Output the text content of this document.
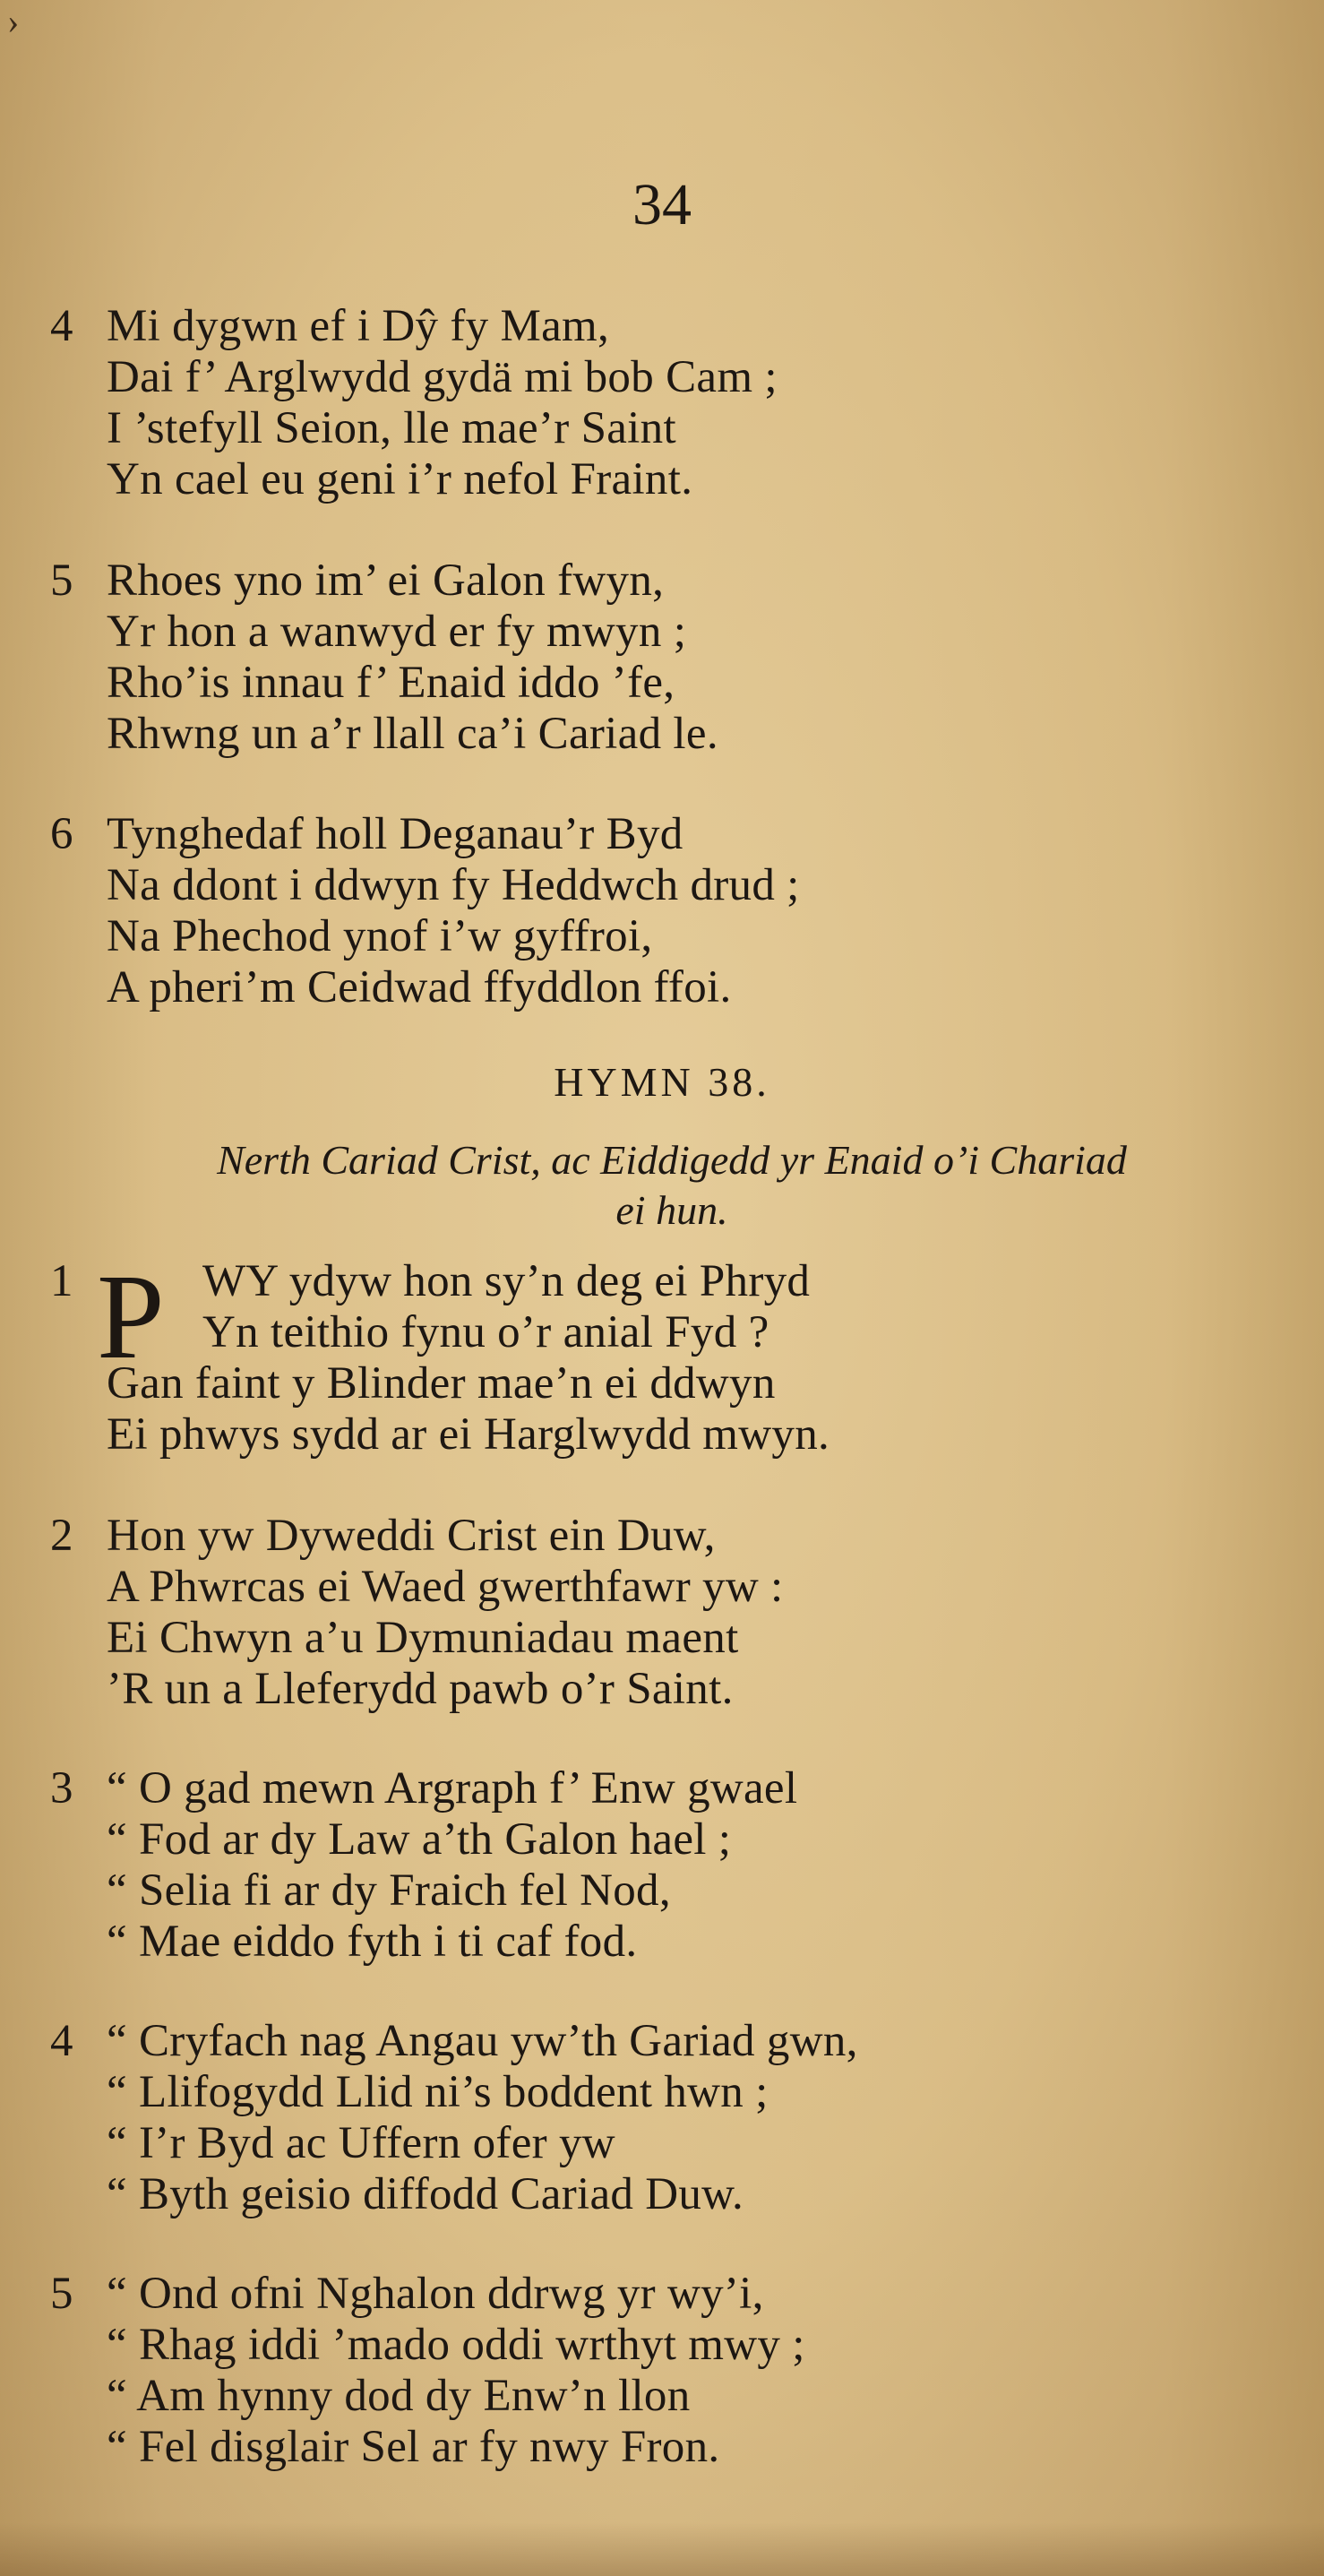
›
34
4 Mi dygwn ef i Dŷ fy Mam,
Dai f’ Arglwydd gydä mi bob Cam ;
I ’stefyll Seion, lle mae’r Saint
Yn cael eu geni i’r nefol Fraint.
5 Rhoes yno im’ ei Galon fwyn,
Yr hon a wanwyd er fy mwyn ;
Rho’is innau f’ Enaid iddo ’fe,
Rhwng un a’r llall ca’i Cariad le.
6 Tynghedaf holl Deganau’r Byd
Na ddont i ddwyn fy Heddwch drud ;
Na Phechod ynof i’w gyffroi,
A pheri’m Ceidwad ffyddlon ffoi.
HYMN 38.
Nerth Cariad Crist, ac Eiddigedd yr Enaid o’i Chariad
ei hun.
P
1	WY ydyw hon sy’n deg ei Phryd
Yn teithio fynu o’r anial Fyd ?
Gan faint y Blinder mae’n ei ddwyn
Ei phwys sydd ar ei Harglwydd mwyn.
2 Hon yw Dyweddi Crist ein Duw,
A Phwrcas ei Waed gwerthfawr yw :
Ei Chwyn a’u Dymuniadau maent
’R un a Lleferydd pawb o’r Saint.
3 “ O gad mewn Argraph f’ Enw gwael
“ Fod ar dy Law a’th Galon hael ;
“ Selia fi ar dy Fraich fel Nod,
“ Mae eiddo fyth i ti caf fod.
4 “ Cryfach nag Angau yw’th Gariad gwn,
“ Llifogydd Llid ni’s boddent hwn ;
“ I’r Byd ac Uffern ofer yw
“ Byth geisio diffodd Cariad Duw.
5 “ Ond ofni Nghalon ddrwg yr wy’i,
“ Rhag iddi ’mado oddi wrthyt mwy ;
“ Am hynny dod dy Enw’n llon
“ Fel disglair Sel ar fy nwy Fron.
